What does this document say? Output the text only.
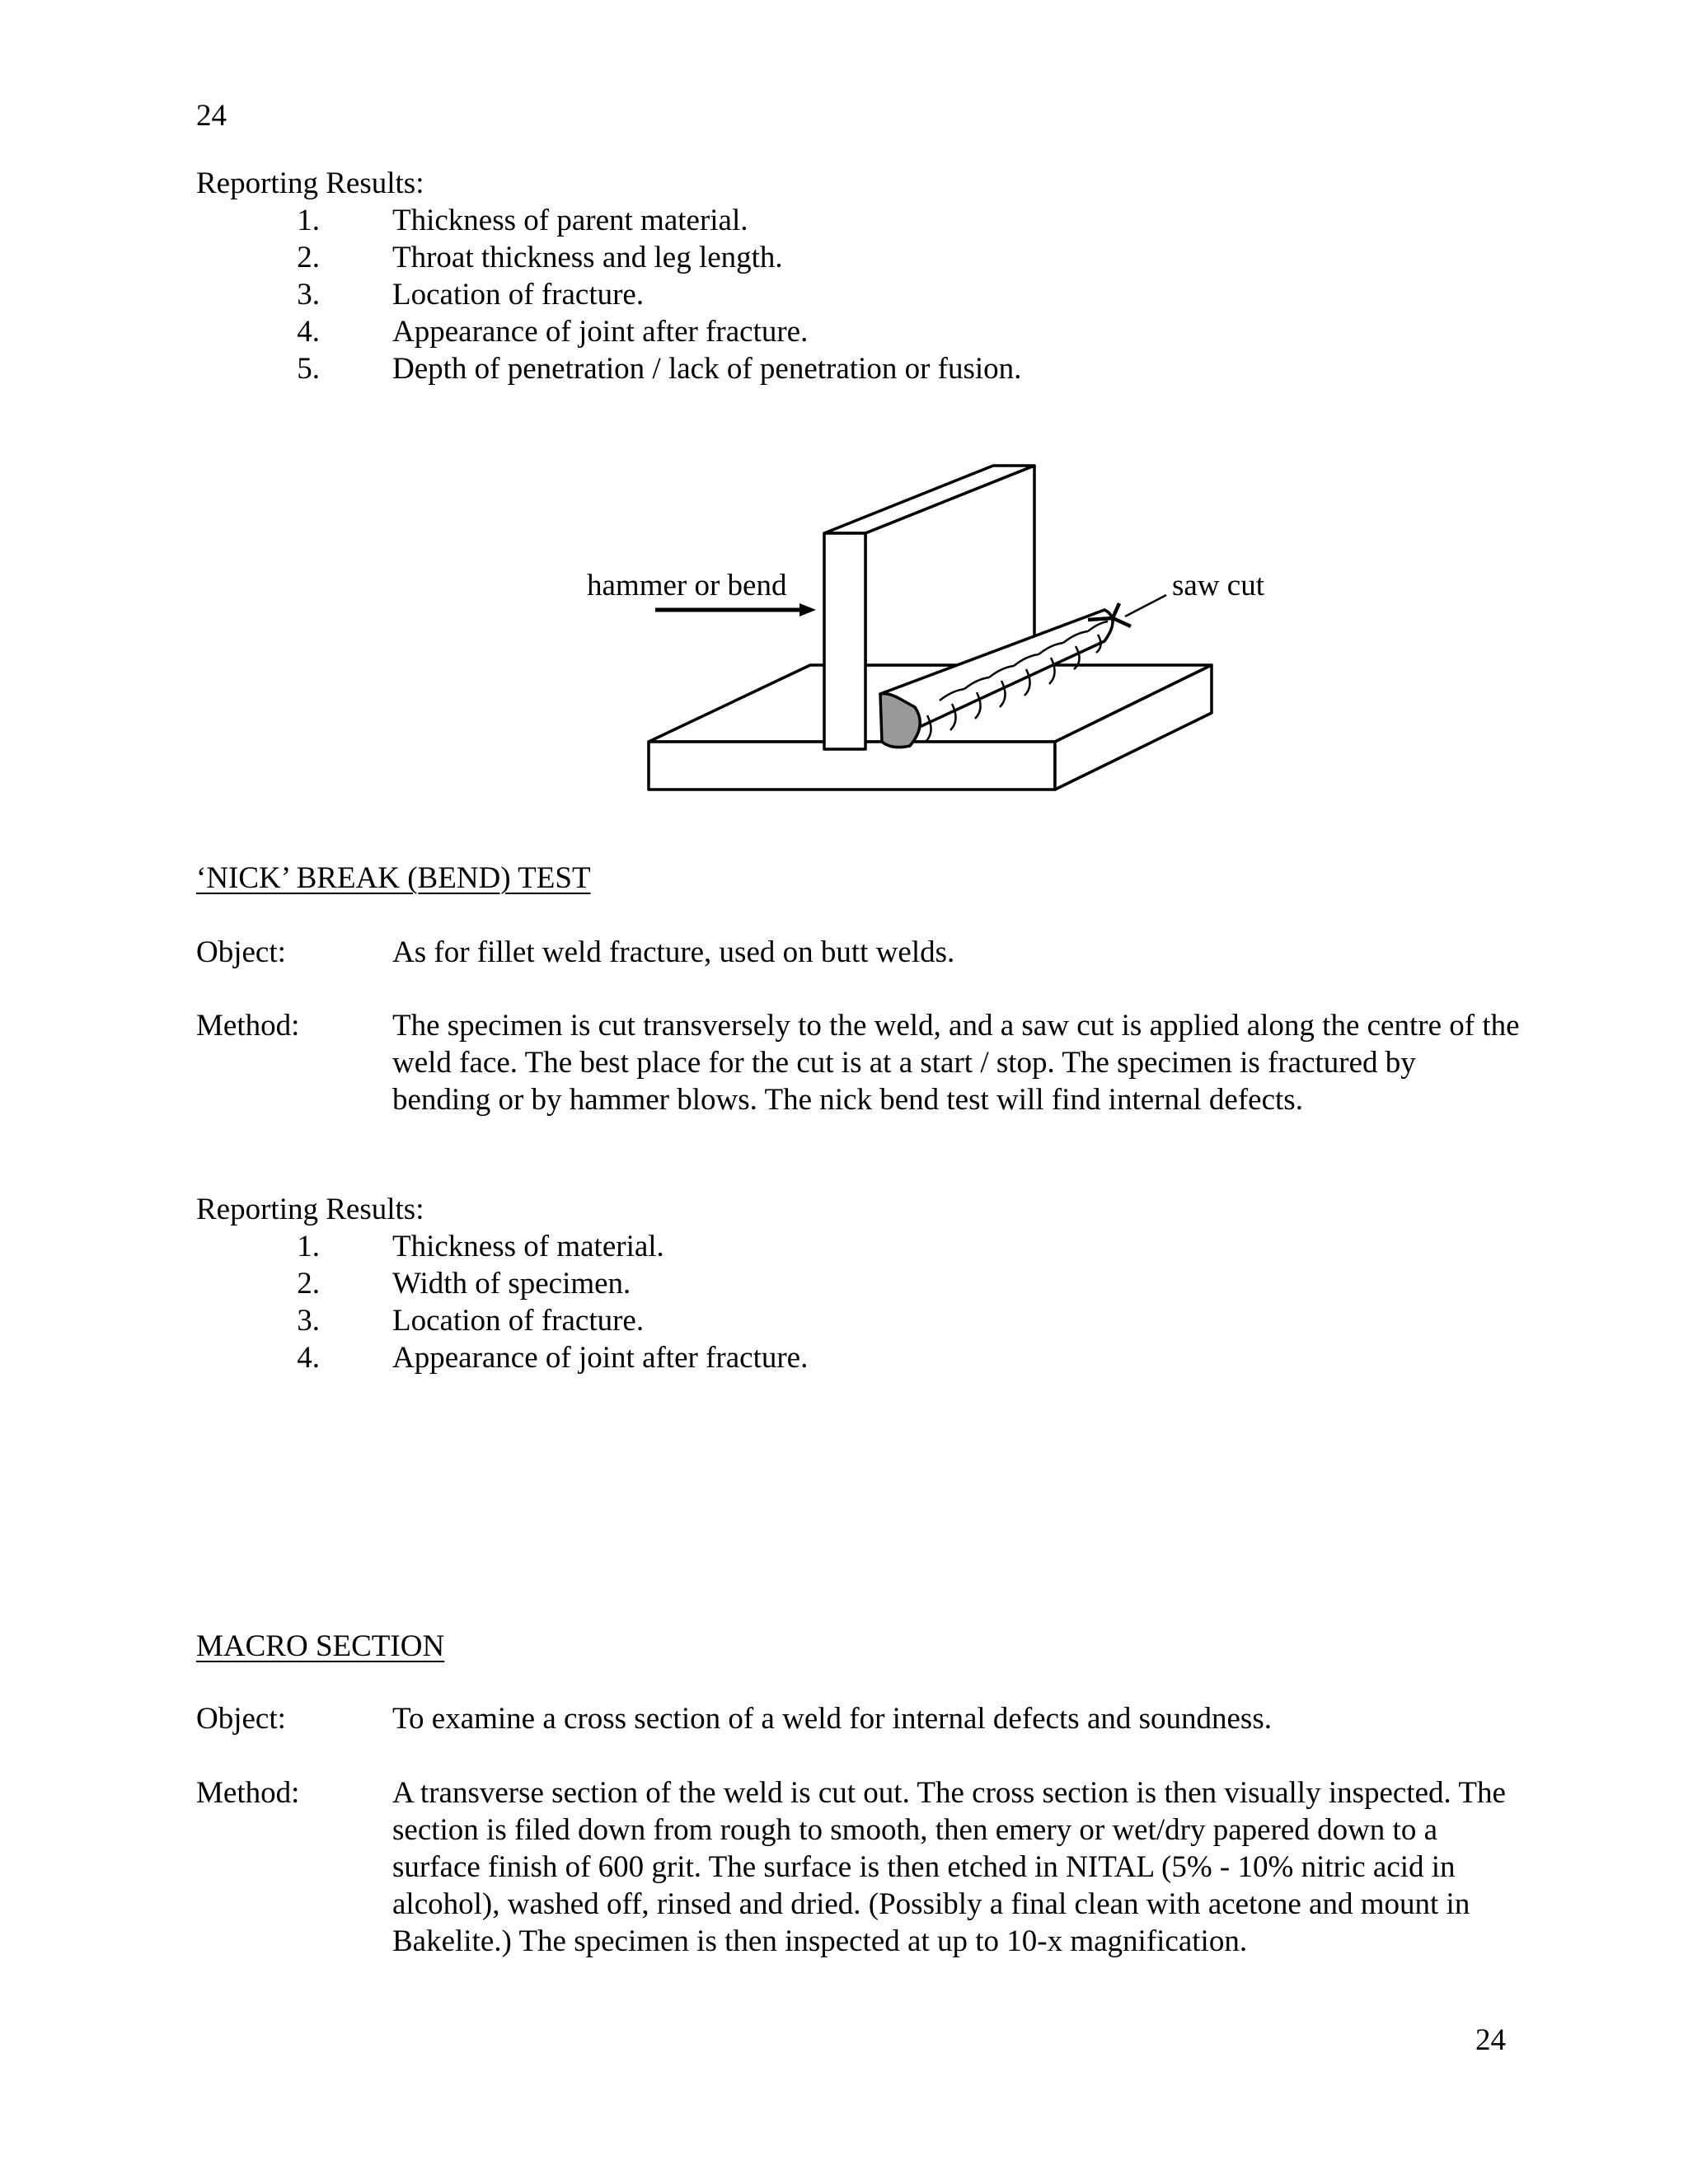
24
Reporting Results:
1. Thickness of parent material.
2. Throat thickness and leg length.
3. Location of fracture.
4. Appearance of joint after fracture.
5. Depth of penetration / lack of penetration or fusion.
hammer or bend	saw cut
‘NICK’ BREAK (BEND) TEST
Object:	As for fillet weld fracture, used on butt welds.
Method:	The specimen is cut transversely to the weld, and a saw cut is applied along the centre of the weld face. The best place for the cut is at a start / stop. The specimen is fractured by bending or by hammer blows. The nick bend test will find internal defects.
Reporting Results:
1. Thickness of material.
2. Width of specimen.
3. Location of fracture.
4. Appearance of joint after fracture.
MACRO SECTION
Object:	To examine a cross section of a weld for internal defects and soundness.
Method:	A transverse section of the weld is cut out. The cross section is then visually inspected. The section is filed down from rough to smooth, then emery or wet/dry papered down to a surface finish of 600 grit. The surface is then etched in NITAL (5% - 10% nitric acid in alcohol), washed off, rinsed and dried. (Possibly a final clean with acetone and mount in Bakelite.) The specimen is then inspected at up to 10-x magnification.
24
